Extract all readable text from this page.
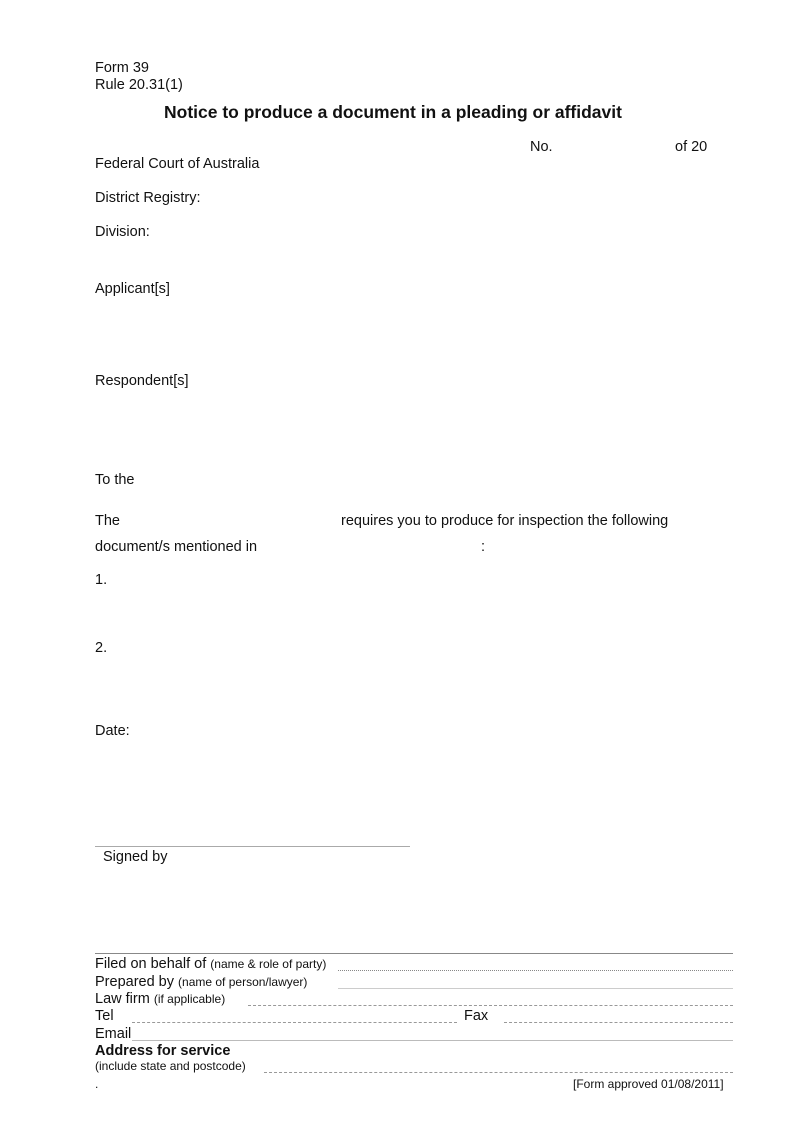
Form 39
Rule 20.31(1)
Notice to produce a document in a pleading or affidavit
No.	of 20
Federal Court of Australia
District Registry:
Division:
Applicant[s]
Respondent[s]
To the
The	requires you to produce for inspection the following
document/s mentioned in	:
1.
2.
Date:
Signed by
Filed on behalf of (name & role of party)
Prepared by (name of person/lawyer)
Law firm (if applicable)
Tel	Fax
Email
Address for service
(include state and postcode)
.	[Form approved 01/08/2011]
